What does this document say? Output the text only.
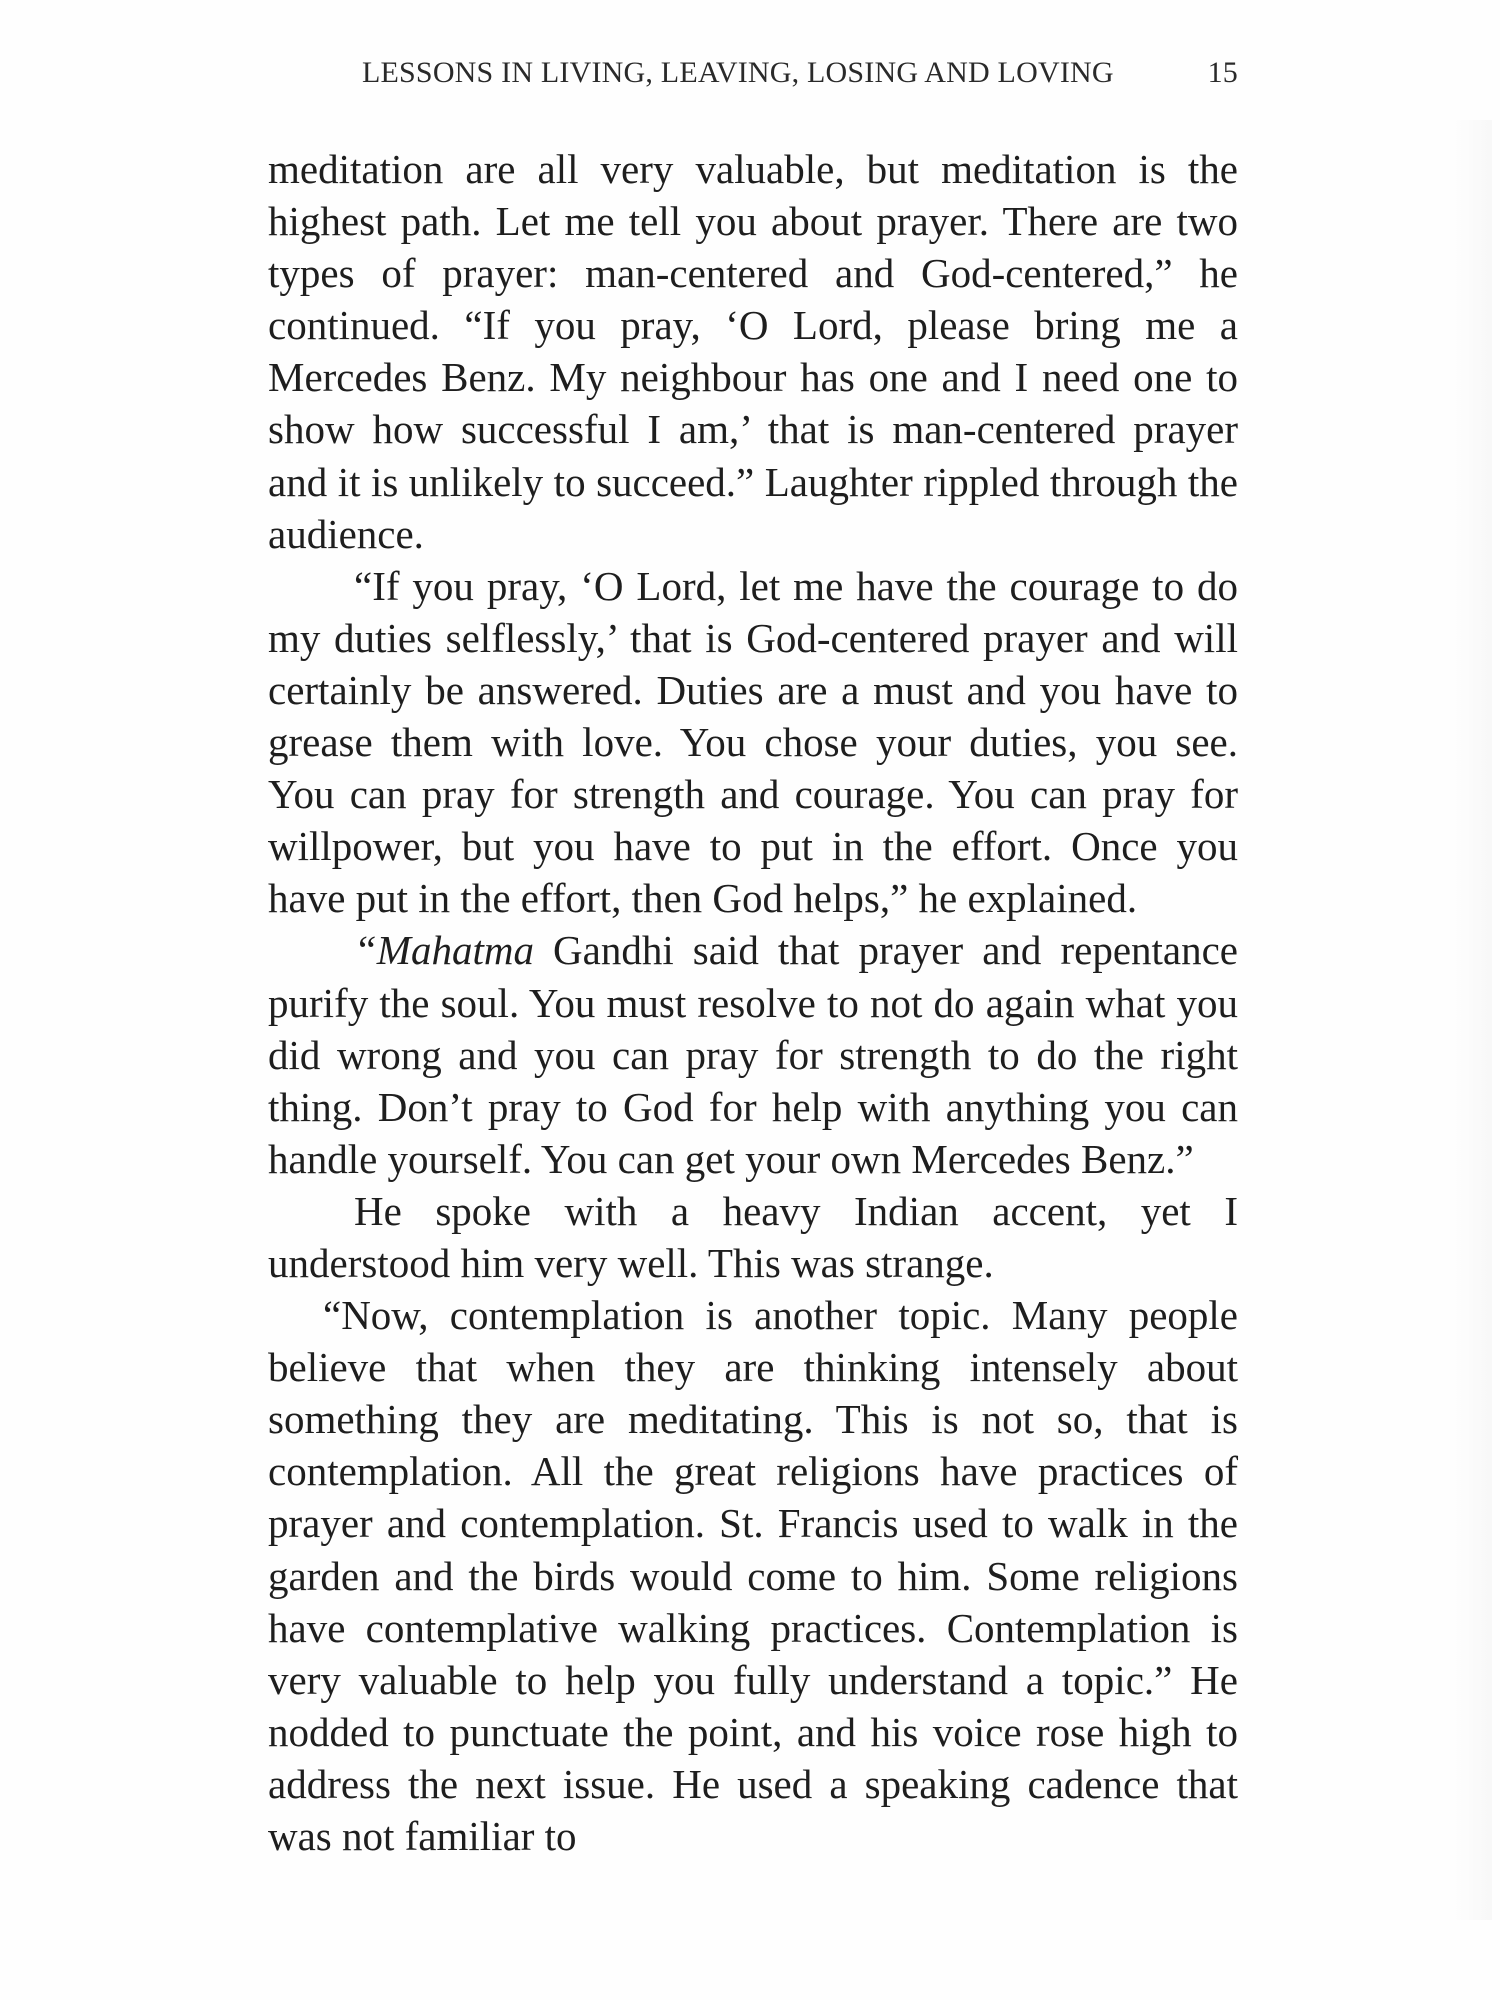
LESSONS IN LIVING, LEAVING, LOSING AND LOVING	15

meditation are all very valuable, but meditation is the highest path. Let me tell you about prayer. There are two types of prayer: man-centered and God-centered,” he continued. “If you pray, ‘O Lord, please bring me a Mercedes Benz. My neighbour has one and I need one to show how successful I am,’ that is man-centered prayer and it is unlikely to succeed.” Laughter rippled through the audience.

“If you pray, ‘O Lord, let me have the courage to do my duties selflessly,’ that is God-centered prayer and will certainly be answered. Duties are a must and you have to grease them with love. You chose your duties, you see. You can pray for strength and courage. You can pray for willpower, but you have to put in the effort. Once you have put in the effort, then God helps,” he explained.

“Mahatma Gandhi said that prayer and repentance purify the soul. You must resolve to not do again what you did wrong and you can pray for strength to do the right thing. Don’t pray to God for help with anything you can handle yourself. You can get your own Mercedes Benz.”

He spoke with a heavy Indian accent, yet I understood him very well. This was strange.

“Now, contemplation is another topic. Many people believe that when they are thinking intensely about something they are meditating. This is not so, that is contemplation. All the great religions have practices of prayer and contemplation. St. Francis used to walk in the garden and the birds would come to him. Some religions have contemplative walking practices. Contemplation is very valuable to help you fully understand a topic.” He nodded to punctuate the point, and his voice rose high to address the next issue. He used a speaking cadence that was not familiar to
